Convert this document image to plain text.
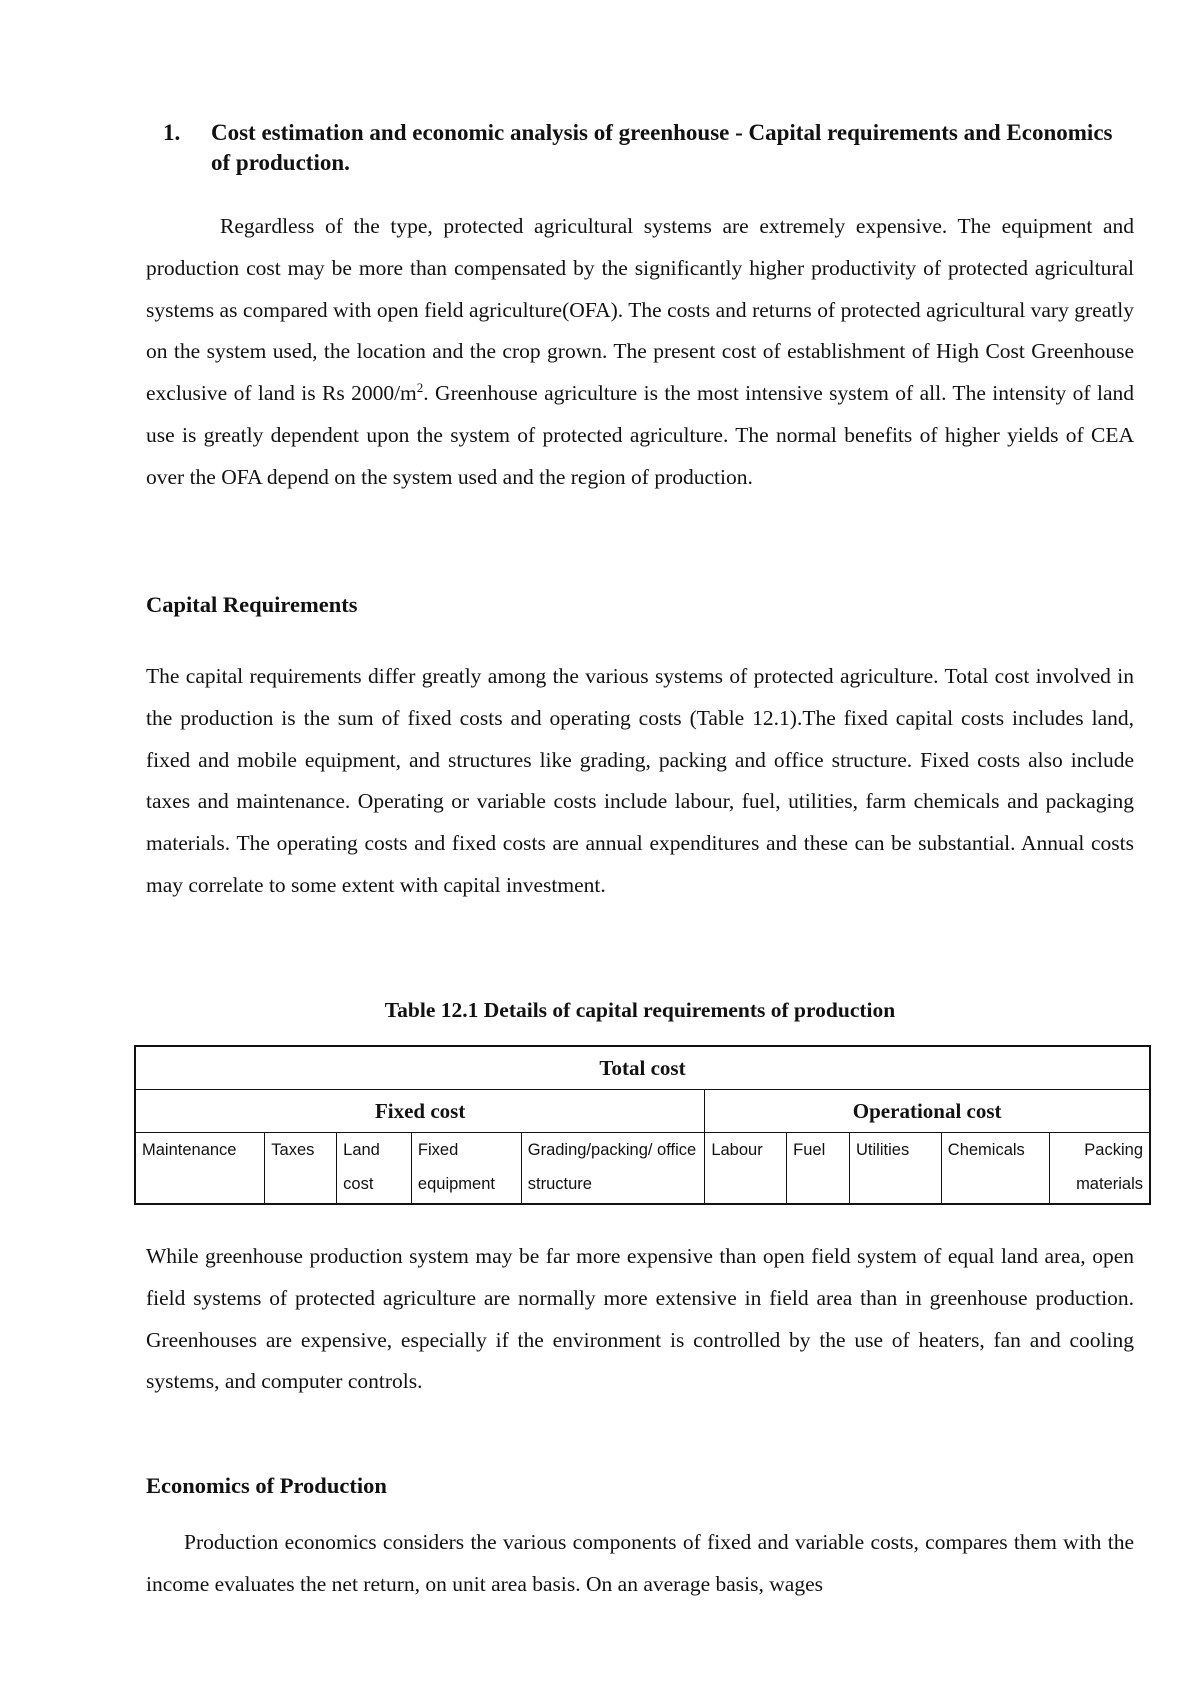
1. Cost estimation and economic analysis of greenhouse - Capital requirements and Economics of production.

Regardless of the type, protected agricultural systems are extremely expensive. The equipment and production cost may be more than compensated by the significantly higher productivity of protected agricultural systems as compared with open field agriculture(OFA). The costs and returns of protected agricultural vary greatly on the system used, the location and the crop grown. The present cost of establishment of High Cost Greenhouse exclusive of land is Rs $2000/m^2$. Greenhouse agriculture is the most intensive system of all. The intensity of land use is greatly dependent upon the system of protected agriculture. The normal benefits of higher yields of CEA over the OFA depend on the system used and the region of production.

Capital Requirements

The capital requirements differ greatly among the various systems of protected agriculture. Total cost involved in the production is the sum of fixed costs and operating costs (Table 12.1).The fixed capital costs includes land, fixed and mobile equipment, and structures like grading, packing and office structure. Fixed costs also include taxes and maintenance. Operating or variable costs include labour, fuel, utilities, farm chemicals and packaging materials. The operating costs and fixed costs are annual expenditures and these can be substantial. Annual costs may correlate to some extent with capital investment.

Table 12.1 Details of capital requirements of production
Total cost									
Fixed cost					Operational cost				
Maintenance	Taxes	Land cost	Fixed equipment	Grading/packing/ office structure	Labour	Fuel	Utilities	Chemicals	Packing materials

While greenhouse production system may be far more expensive than open field system of equal land area, open field systems of protected agriculture are normally more extensive in field area than in greenhouse production. Greenhouses are expensive, especially if the environment is controlled by the use of heaters, fan and cooling systems, and computer controls.

Economics of Production

Production economics considers the various components of fixed and variable costs, compares them with the income evaluates the net return, on unit area basis. On an average basis, wages
